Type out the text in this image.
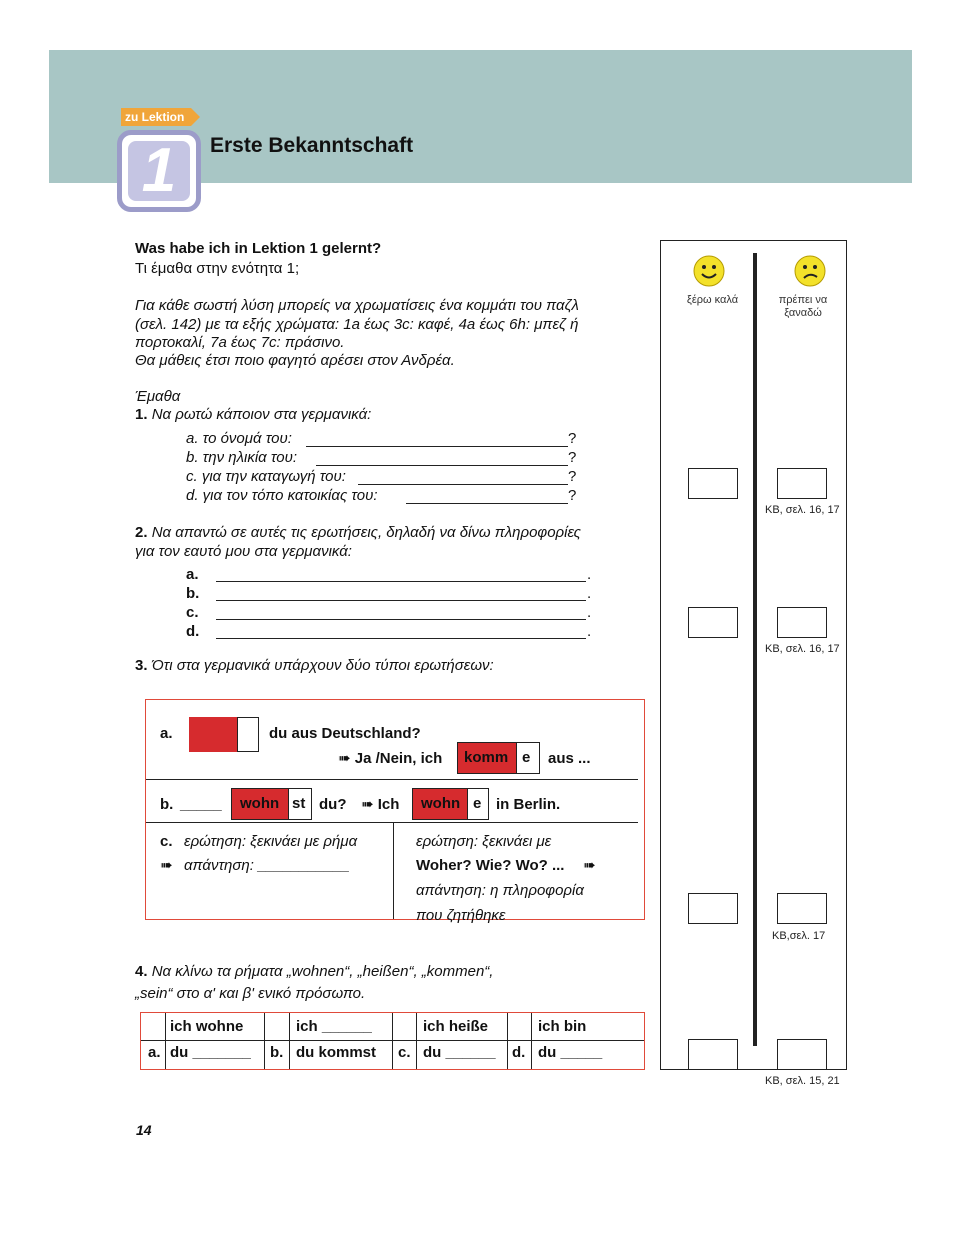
zu Lektion
1	Erste Bekanntschaft
Was habe ich in Lektion 1 gelernt?
Τι έμαθα στην ενότητα 1;
Για κάθε σωστή λύση μπορείς να χρωματίσεις ένα κομμάτι του παζλ
(σελ. 142) με τα εξής χρώματα: 1a έως 3c: καφέ, 4a έως 6h: μπεζ ή
πορτοκαλί, 7a έως 7c: πράσινο.
Θα μάθεις έτσι ποιο φαγητό αρέσει στον Ανδρέα.
ξέρω καλά	πρέπει να
ξαναδώ
KB, σελ. 16, 17
KB, σελ. 16, 17
KB,σελ. 17
KB, σελ. 15, 21
Έμαθα
1. Να ρωτώ κάποιον στα γερμανικά:
a. το όνομά του:	?
b. την ηλικία του:	?
c. για την καταγωγή του:	?
d. για τον τόπο κατοικίας του:	?
2. Να απαντώ σε αυτές τις ερωτήσεις, δηλαδή να δίνω πληροφορίες
για τον εαυτό μου στα γερμανικά:
a.	.
b.	.
c.	.
d.	.
3. Ότι στα γερμανικά υπάρχουν δύο τύποι ερωτήσεων:
a.	du aus Deutschland?
➠ Ja /Nein, ich	komm e	aus ...
b. _____	wohn st du? ➠ Ich	wohn e in Berlin.
c. ερώτηση: ξεκινάει με ρήμα
➠ απάντηση: ___________
ερώτηση: ξεκινάει με
Woher? Wie? Wo? ... ➠
απάντηση: η πληροφορία
που ζητήθηκε
4. Να κλίνω τα ρήματα „wohnen“, „heißen“, „kommen“,
„sein“ στο α' και β' ενικό πρόσωπο.
ich wohne	ich ______	ich heiße	ich bin
a. du _______ b. du kommst c. du ______ d. du _____
14
